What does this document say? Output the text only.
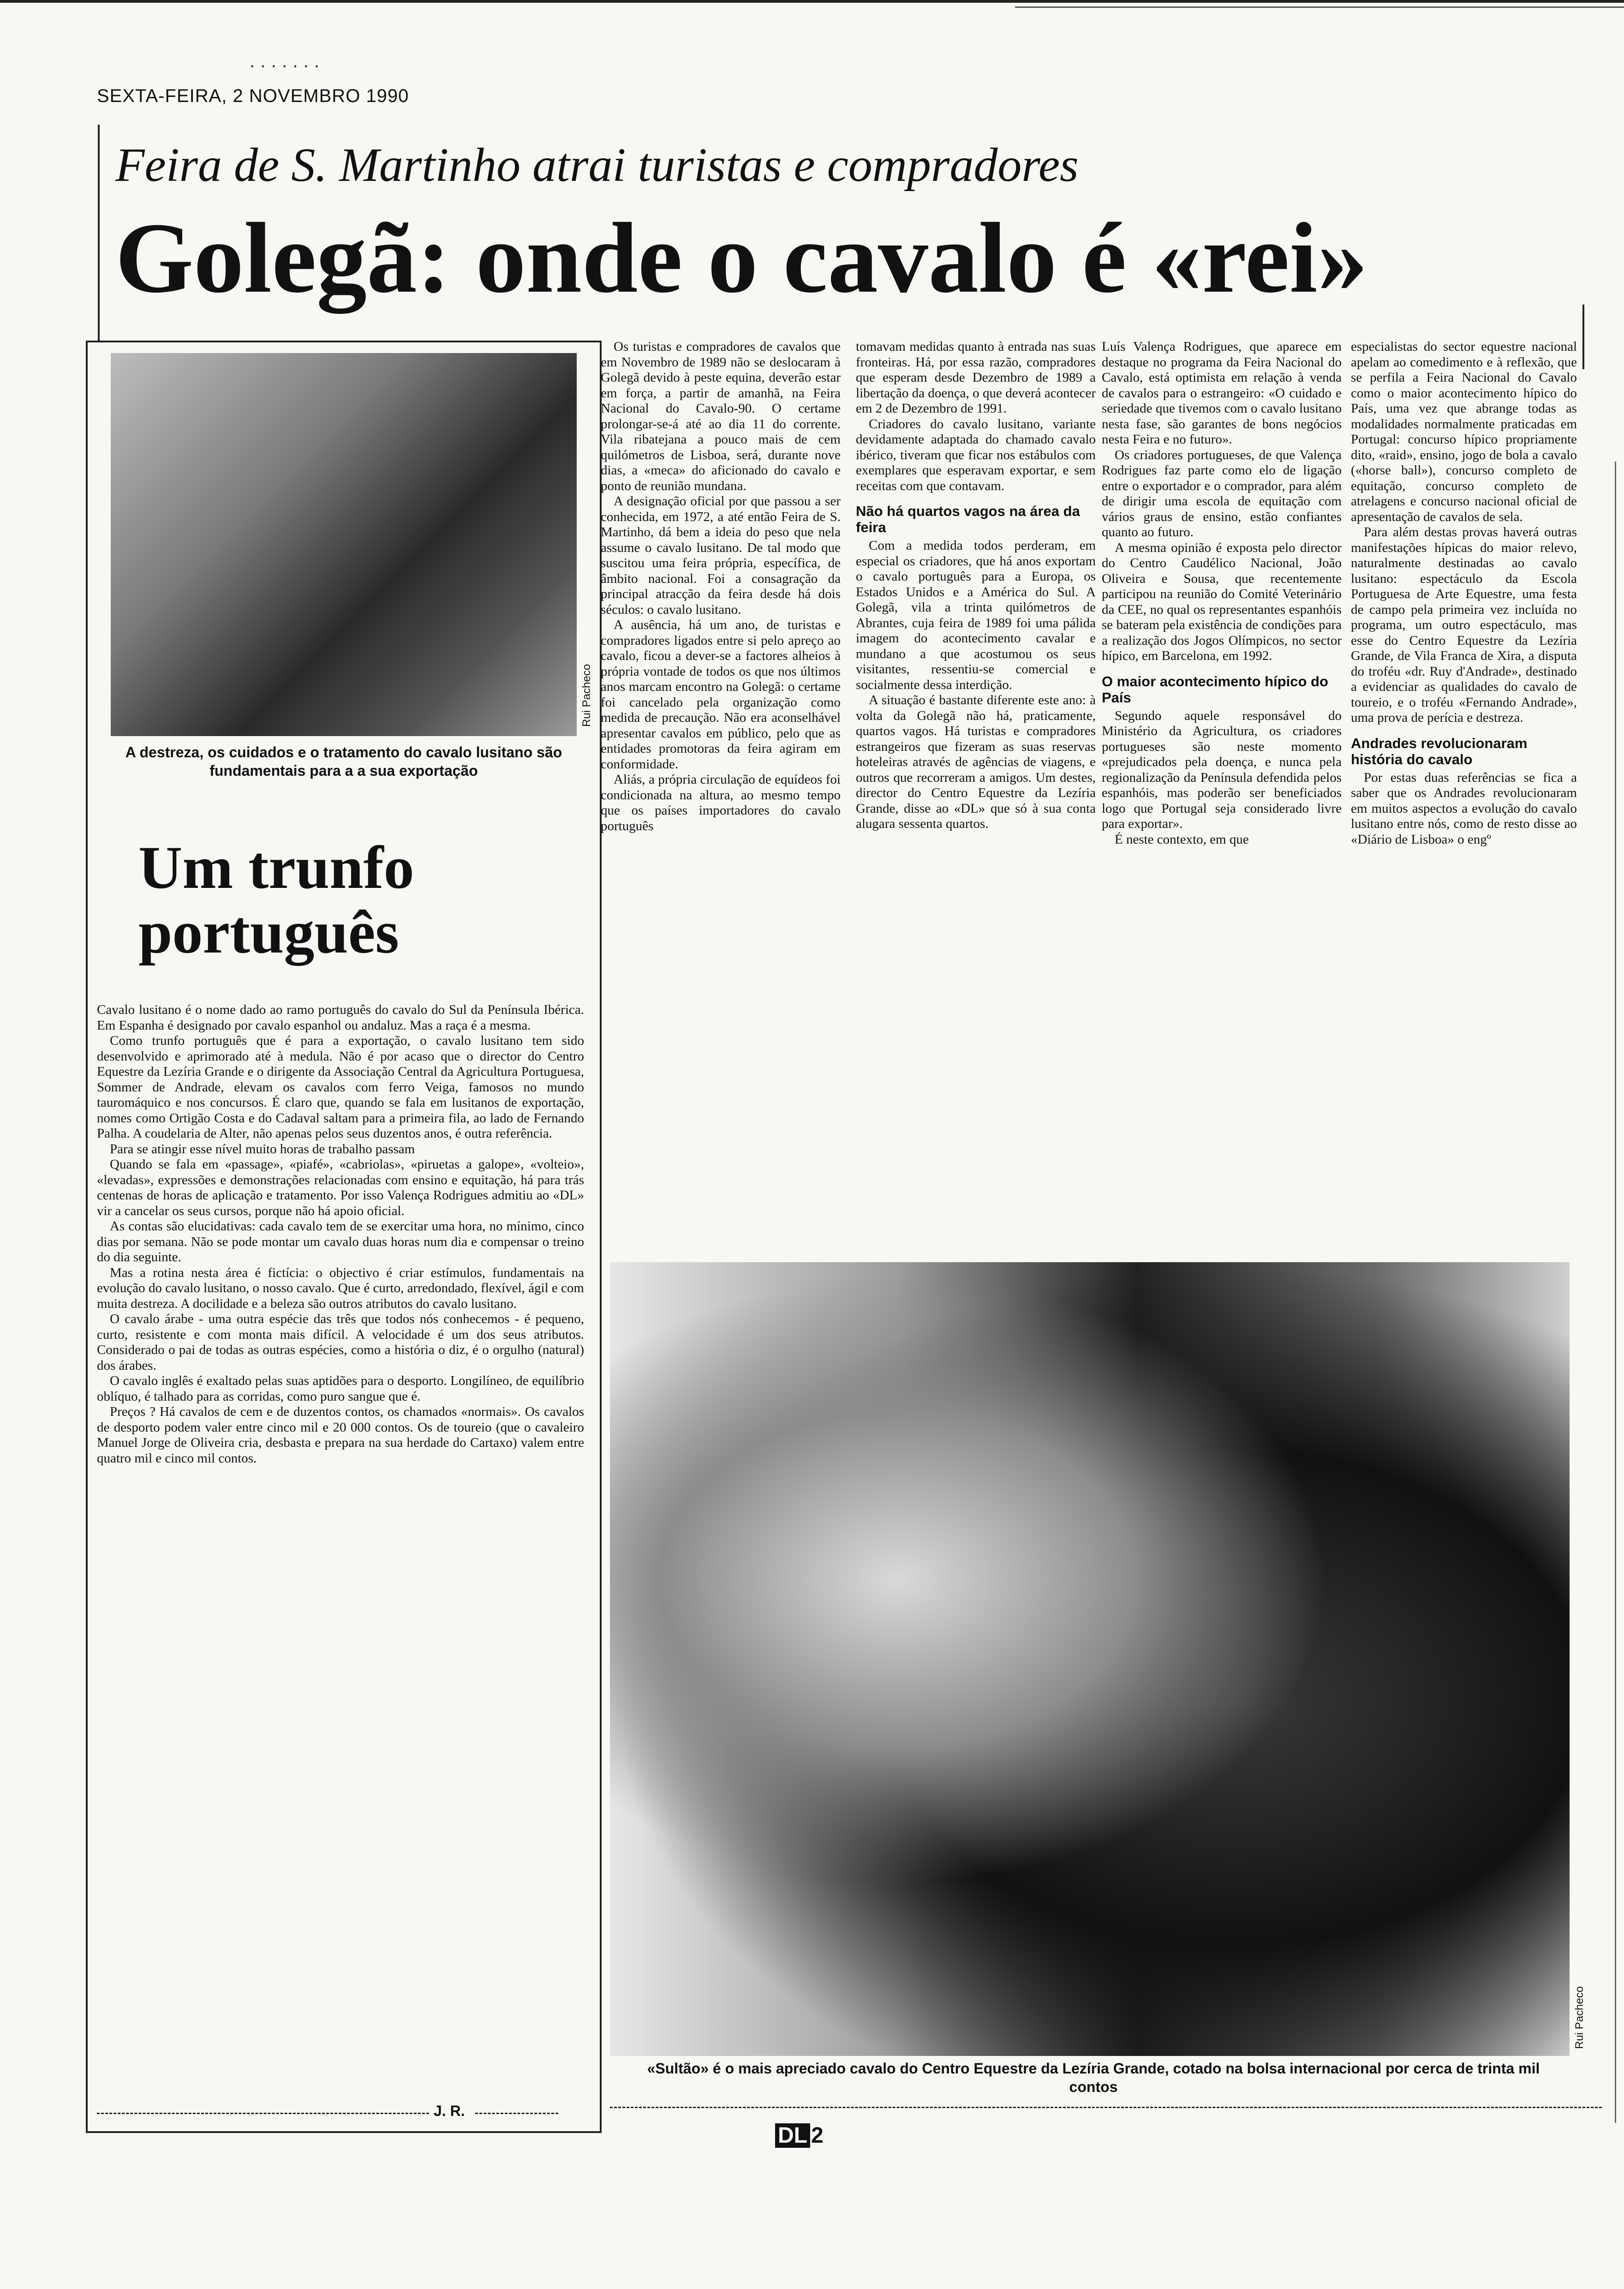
· · · · · · ·
SEXTA-FEIRA, 2 NOVEMBRO 1990
Feira de S. Martinho atrai turistas e compradores
Golegã: onde o cavalo é «rei»
Rui Pacheco
A destreza, os cuidados e o tratamento do cavalo lusitano são fundamentais para a a sua exportação
Um trunfo
português

Cavalo lusitano é o nome dado ao ramo português do cavalo do Sul da Península Ibérica. Em Espanha é designado por cavalo espanhol ou andaluz. Mas a raça é a mesma.

Como trunfo português que é para a exportação, o cavalo lusitano tem sido desenvolvido e aprimorado até à medula. Não é por acaso que o director do Centro Equestre da Lezíria Grande e o dirigente da Associação Central da Agricultura Portuguesa, Sommer de Andrade, elevam os cavalos com ferro Veiga, famosos no mundo tauromáquico e nos concursos. É claro que, quando se fala em lusitanos de exportação, nomes como Ortigão Costa e do Cadaval saltam para a primeira fila, ao lado de Fernando Palha. A coudelaria de Alter, não apenas pelos seus duzentos anos, é outra referência.

Para se atingir esse nível muito horas de trabalho passam

Quando se fala em «passage», «piafé», «cabriolas», «piruetas a galope», «volteio», «levadas», expressões e demonstrações relacionadas com ensino e equitação, há para trás centenas de horas de aplicação e tratamento. Por isso Valença Rodrigues admitiu ao «DL» vir a cancelar os seus cursos, porque não há apoio oficial.

As contas são elucidativas: cada cavalo tem de se exercitar uma hora, no mínimo, cinco dias por semana. Não se pode montar um cavalo duas horas num dia e compensar o treino do dia seguinte.

Mas a rotina nesta área é fictícia: o objectivo é criar estímulos, fundamentais na evolução do cavalo lusitano, o nosso cavalo. Que é curto, arredondado, flexível, ágil e com muita destreza. A docilidade e a beleza são outros atributos do cavalo lusitano.

O cavalo árabe - uma outra espécie das três que todos nós conhecemos - é pequeno, curto, resistente e com monta mais difícil. A velocidade é um dos seus atributos. Considerado o pai de todas as outras espécies, como a história o diz, é o orgulho (natural) dos árabes.

O cavalo inglês é exaltado pelas suas aptidões para o desporto. Longilíneo, de equilíbrio oblíquo, é talhado para as corridas, como puro sangue que é.

Preços ? Há cavalos de cem e de duzentos contos, os chamados «normais». Os cavalos de desporto podem valer entre cinco mil e 20 000 contos. Os de toureio (que o cavaleiro Manuel Jorge de Oliveira cria, desbasta e prepara na sua herdade do Cartaxo) valem entre quatro mil e cinco mil contos.

J. R.

Os turistas e compradores de cavalos que em Novembro de 1989 não se deslocaram à Golegã devido à peste equina, deverão estar em força, a partir de amanhã, na Feira Nacional do Cavalo-90. O certame prolongar-se-á até ao dia 11 do corrente. Vila ribatejana a pouco mais de cem quilómetros de Lisboa, será, durante nove dias, a «meca» do aficionado do cavalo e ponto de reunião mundana.

A designação oficial por que passou a ser conhecida, em 1972, a até então Feira de S. Martinho, dá bem a ideia do peso que nela assume o cavalo lusitano. De tal modo que suscitou uma feira própria, específica, de âmbito nacional. Foi a consagração da principal atracção da feira desde há dois séculos: o cavalo lusitano.

A ausência, há um ano, de turistas e compradores ligados entre si pelo apreço ao cavalo, ficou a dever-se a factores alheios à própria vontade de todos os que nos últimos anos marcam encontro na Golegã: o certame foi cancelado pela organização como medida de precaução. Não era aconselhável apresentar cavalos em público, pelo que as entidades promotoras da feira agiram em conformidade.

Aliás, a própria circulação de equídeos foi condicionada na altura, ao mesmo tempo que os países importadores do cavalo português

tomavam medidas quanto à entrada nas suas fronteiras. Há, por essa razão, compradores que esperam desde Dezembro de 1989 a libertação da doença, o que deverá acontecer em 2 de Dezembro de 1991.

Criadores do cavalo lusitano, variante devidamente adaptada do chamado cavalo ibérico, tiveram que ficar nos estábulos com exemplares que esperavam exportar, e sem receitas com que contavam.

Não há quartos vagos na área da feira

Com a medida todos perderam, em especial os criadores, que há anos exportam o cavalo português para a Europa, os Estados Unidos e a América do Sul. A Golegã, vila a trinta quilómetros de Abrantes, cuja feira de 1989 foi uma pálida imagem do acontecimento cavalar e mundano a que acostumou os seus visitantes, ressentiu-se comercial e socialmente dessa interdição.

A situação é bastante diferente este ano: à volta da Golegã não há, praticamente, quartos vagos. Há turistas e compradores estrangeiros que fizeram as suas reservas hoteleiras através de agências de viagens, e outros que recorreram a amigos. Um destes, director do Centro Equestre da Lezíria Grande, disse ao «DL» que só à sua conta alugara sessenta quartos.

Luís Valença Rodrigues, que aparece em destaque no programa da Feira Nacional do Cavalo, está optimista em relação à venda de cavalos para o estrangeiro: «O cuidado e seriedade que tivemos com o cavalo lusitano nesta fase, são garantes de bons negócios nesta Feira e no futuro».

Os criadores portugueses, de que Valença Rodrigues faz parte como elo de ligação entre o exportador e o comprador, para além de dirigir uma escola de equitação com vários graus de ensino, estão confiantes quanto ao futuro.

A mesma opinião é exposta pelo director do Centro Caudélico Nacional, João Oliveira e Sousa, que recentemente participou na reunião do Comité Veterinário da CEE, no qual os representantes espanhóis se bateram pela existência de condições para a realização dos Jogos Olímpicos, no sector hípico, em Barcelona, em 1992.

O maior acontecimento hípico do País

Segundo aquele responsável do Ministério da Agricultura, os criadores portugueses são neste momento «prejudicados pela doença, e nunca pela regionalização da Península defendida pelos espanhóis, mas poderão ser beneficiados logo que Portugal seja considerado livre para exportar».

É neste contexto, em que

especialistas do sector equestre nacional apelam ao comedimento e à reflexão, que se perfila a Feira Nacional do Cavalo como o maior acontecimento hípico do País, uma vez que abrange todas as modalidades normalmente praticadas em Portugal: concurso hípico propriamente dito, «raid», ensino, jogo de bola a cavalo («horse ball»), concurso completo de equitação, concurso completo de atrelagens e concurso nacional oficial de apresentação de cavalos de sela.

Para além destas provas haverá outras manifestações hípicas do maior relevo, naturalmente destinadas ao cavalo lusitano: espectáculo da Escola Portuguesa de Arte Equestre, uma festa de campo pela primeira vez incluída no programa, um outro espectáculo, mas esse do Centro Equestre da Lezíria Grande, de Vila Franca de Xira, a disputa do troféu «dr. Ruy d'Andrade», destinado a evidenciar as qualidades do cavalo de toureio, e o troféu «Fernando Andrade», uma prova de perícia e destreza.

Andrades revolucionaram história do cavalo

Por estas duas referências se fica a saber que os Andrades revolucionaram em muitos aspectos a evolução do cavalo lusitano entre nós, como de resto disse ao «Diário de Lisboa» o engº

Rui Pacheco
«Sultão» é o mais apreciado cavalo do Centro Equestre da Lezíria Grande, cotado na bolsa internacional por cerca de trinta mil contos
DL 2
